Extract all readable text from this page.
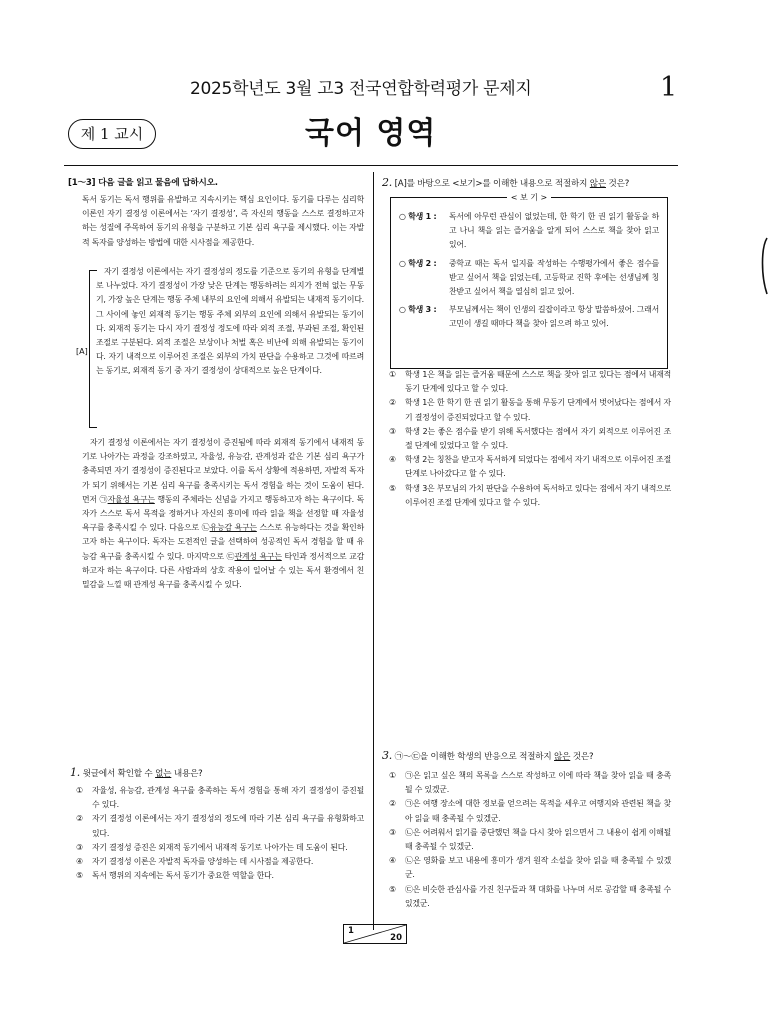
2025학년도 3월 고3 전국연합학력평가 문제지	1
제 1 교시	국어 영역
[1～3] 다음 글을 읽고 물음에 답하시오.
독서 동기는 독서 행위를 유발하고 지속시키는 핵심 요인이다. 동기를 다루는 심리학 이론인 자기 결정성 이론에서는 ‘자기 결정성’, 즉 자신의 행동을 스스로 결정하고자 하는 성질에 주목하여 동기의 유형을 구분하고 기본 심리 욕구를 제시했다. 이는 자발적 독자를 양성하는 방법에 대한 시사점을 제공한다.
[A]
자기 결정성 이론에서는 자기 결정성의 정도를 기준으로 동기의 유형을 단계별로 나누었다. 자기 결정성이 가장 낮은 단계는 행동하려는 의지가 전혀 없는 무동기, 가장 높은 단계는 행동 주체 내부의 요인에 의해서 유발되는 내재적 동기이다. 그 사이에 놓인 외재적 동기는 행동 주체 외부의 요인에 의해서 유발되는 동기이다. 외재적 동기는 다시 자기 결정성 정도에 따라 외적 조절, 부과된 조절, 확인된 조절로 구분된다. 외적 조절은 보상이나 처벌 혹은 비난에 의해 유발되는 동기이다. 자기 내적으로 이루어진 조절은 외부의 가치 판단을 수용하고 그것에 따르려는 동기로, 외재적 동기 중 자기 결정성이 상대적으로 높은 단계이다.
자기 결정성 이론에서는 자기 결정성이 증진됨에 따라 외재적 동기에서 내재적 동기로 나아가는 과정을 강조하였고, 자율성, 유능감, 관계성과 같은 기본 심리 욕구가 충족되면 자기 결정성이 증진된다고 보았다. 이를 독서 상황에 적용하면, 자발적 독자가 되기 위해서는 기본 심리 욕구를 충족시키는 독서 경험을 하는 것이 도움이 된다. 먼저 ㉠자율성 욕구는 행동의 주체라는 신념을 가지고 행동하고자 하는 욕구이다. 독자가 스스로 독서 목적을 정하거나 자신의 흥미에 따라 읽을 책을 선정할 때 자율성 욕구를 충족시킬 수 있다. 다음으로 ㉡유능감 욕구는 스스로 유능하다는 것을 확인하고자 하는 욕구이다. 독자는 도전적인 글을 선택하여 성공적인 독서 경험을 할 때 유능감 욕구를 충족시킬 수 있다. 마지막으로 ㉢관계성 욕구는 타인과 정서적으로 교감하고자 하는 욕구이다. 다른 사람과의 상호 작용이 일어날 수 있는 독서 환경에서 친밀감을 느낄 때 관계성 욕구를 충족시킬 수 있다.
1. 윗글에서 확인할 수 없는 내용은?
①	자율성, 유능감, 관계성 욕구를 충족하는 독서 경험을 통해 자기 결정성이 증진될 수 있다.
②	자기 결정성 이론에서는 자기 결정성의 정도에 따라 기본 심리 욕구를 유형화하고 있다.
③	자기 결정성 증진은 외재적 동기에서 내재적 동기로 나아가는 데 도움이 된다.
④	자기 결정성 이론은 자발적 독자를 양성하는 데 시사점을 제공한다.
⑤	독서 행위의 지속에는 독서 동기가 중요한 역할을 한다.
2. [A]를 바탕으로 <보기>를 이해한 내용으로 적절하지 않은 것은?
< 보 기 >
○ 학생 1 :	독서에 아무런 관심이 없었는데, 한 학기 한 권 읽기 활동을 하고 나니 책을 읽는 즐거움을 알게 되어 스스로 책을 찾아 읽고 있어.
○ 학생 2 :	중학교 때는 독서 일지를 작성하는 수행평가에서 좋은 점수를 받고 싶어서 책을 읽었는데, 고등학교 진학 후에는 선생님께 칭찬받고 싶어서 책을 열심히 읽고 있어.
○ 학생 3 :	부모님께서는 책이 인생의 길잡이라고 항상 말씀하셨어. 그래서 고민이 생길 때마다 책을 찾아 읽으려 하고 있어.
①	학생 1은 책을 읽는 즐거움 때문에 스스로 책을 찾아 읽고 있다는 점에서 내재적 동기 단계에 있다고 할 수 있다.
②	학생 1은 한 학기 한 권 읽기 활동을 통해 무동기 단계에서 벗어났다는 점에서 자기 결정성이 증진되었다고 할 수 있다.
③	학생 2는 좋은 점수를 받기 위해 독서했다는 점에서 자기 외적으로 이루어진 조절 단계에 있었다고 할 수 있다.
④	학생 2는 칭찬을 받고자 독서하게 되었다는 점에서 자기 내적으로 이루어진 조절 단계로 나아갔다고 할 수 있다.
⑤	학생 3은 부모님의 가치 판단을 수용하여 독서하고 있다는 점에서 자기 내적으로 이루어진 조절 단계에 있다고 할 수 있다.
3. ㉠～㉢을 이해한 학생의 반응으로 적절하지 않은 것은?
①	㉠은 읽고 싶은 책의 목록을 스스로 작성하고 이에 따라 책을 찾아 읽을 때 충족될 수 있겠군.
②	㉠은 여행 장소에 대한 정보를 얻으려는 목적을 세우고 여행지와 관련된 책을 찾아 읽을 때 충족될 수 있겠군.
③	㉡은 어려워서 읽기를 중단했던 책을 다시 찾아 읽으면서 그 내용이 쉽게 이해될 때 충족될 수 있겠군.
④	㉡은 영화를 보고 내용에 흥미가 생겨 원작 소설을 찾아 읽을 때 충족될 수 있겠군.
⑤	㉢은 비슷한 관심사를 가진 친구들과 책 대화를 나누며 서로 공감할 때 충족될 수 있겠군.
1
20
